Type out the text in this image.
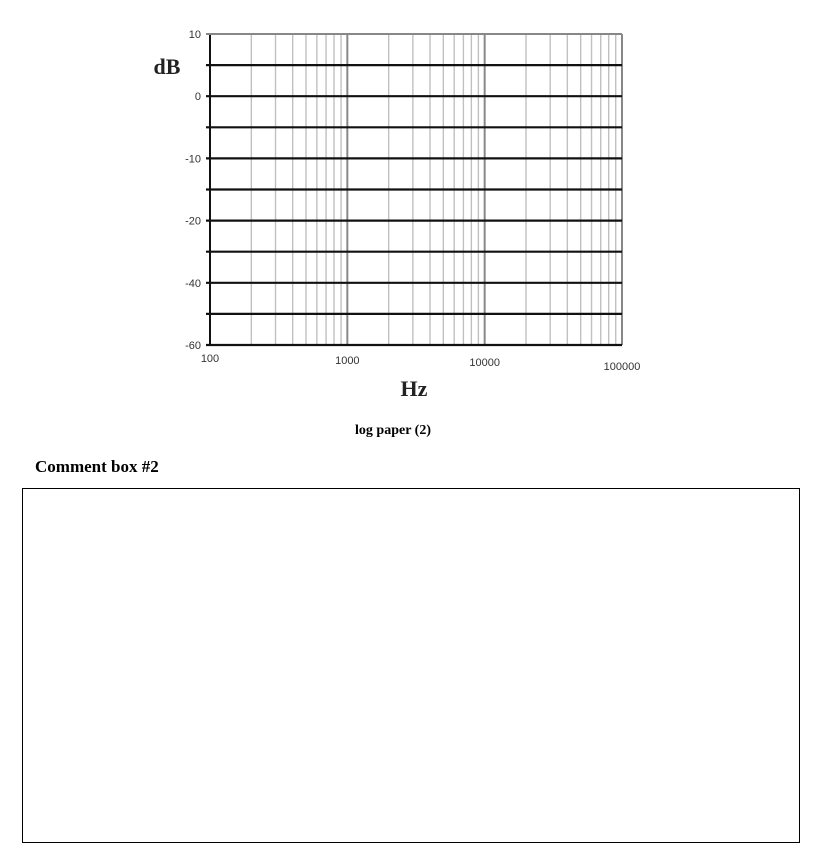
10
0
-10
-20
-40
-60
100	1000	10000	100000
dB
Hz
log paper (2)
Comment box #2
